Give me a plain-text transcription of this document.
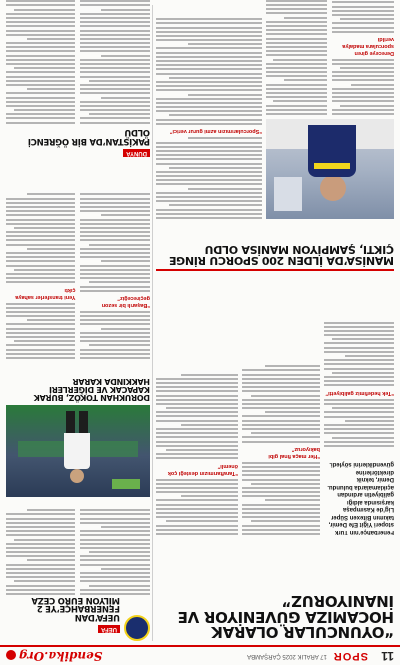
11
SPOR
17 ARALIK 2025 ÇARŞAMBA
Sendika.Org
“OYUNCULAR OLARAK HOCAMIZA GÜVENİYOR VE İNANIYORUZ”
Fenerbahçe’nin Türk stoperi Yiğit Efe Demir, takımın Bitexen Süper Lig’de Kasımpaşa karşısında aldığı galibiyetin ardından açıklamalarda bulundu. Demir, teknik direktörlerine güvendiklerini söyledi.
“Tek hedefimiz galibiyetti”
“Her maça final gibi bakıyoruz”
“Taraftarımızın desteği çok önemli”
UEFA
UEFA’DAN FENERBAHÇE’YE 2 MİLYON EURO CEZA
DORUKHAN TOKÖZ, BURAK KAPACAK VE DİĞERLERİ HAKKINDA KARAR
“Başarılı bir sezon geçireceğiz”
Yeni transferler sahaya çıktı
DÜNYA
PAKİSTAN’DA BİR ÖĞRENCİ ÖLDÜ
MANİSA’DA İLDEN 200 SPORCU RİNGE ÇIKTI, ŞAMPİYON MANİSA OLDU
“Sporcularımızın azmi gurur verici”
Dereceye giren sporculara madalya verildi
